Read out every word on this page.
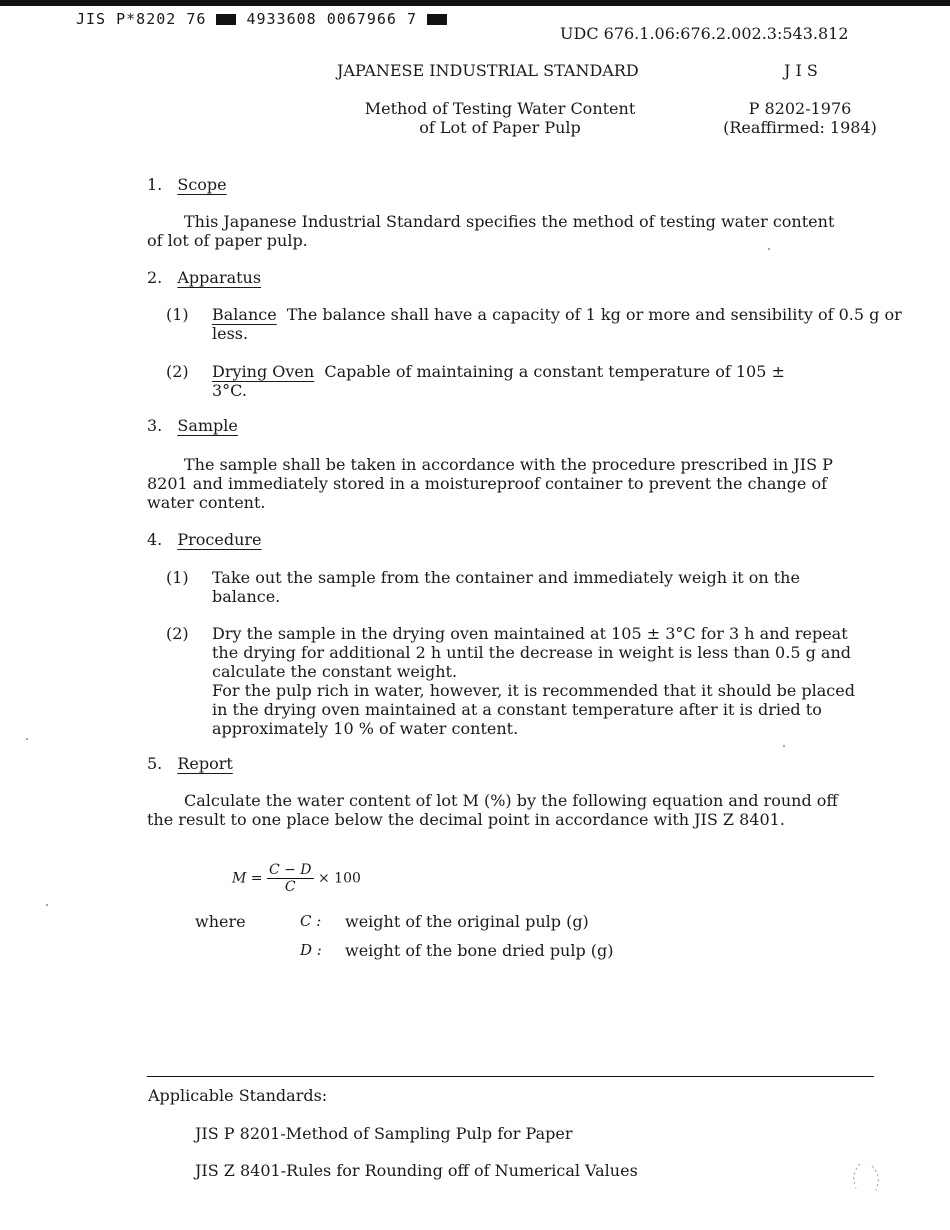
JIS P*8202 76	4933608 0067966 7
UDC 676.1.06:676.2.002.3:543.812
JAPANESE INDUSTRIAL STANDARD	J I S
Method of Testing Water Content
of Lot of Paper Pulp
P 8202-1976
(Reaffirmed: 1984)
1. Scope
This Japanese Industrial Standard specifies the method of testing water content of lot of paper pulp.
2. Apparatus
(1) Balance The balance shall have a capacity of 1 kg or more and sensibility of 0.5 g or less.
(2) Drying Oven Capable of maintaining a constant temperature of 105 ± 3°C.
3. Sample
The sample shall be taken in accordance with the procedure prescribed in JIS P 8201 and immediately stored in a moistureproof container to prevent the change of water content.
4. Procedure
(1) Take out the sample from the container and immediately weigh it on the balance.
(2) Dry the sample in the drying oven maintained at 105 ± 3°C for 3 h and repeat the drying for additional 2 h until the decrease in weight is less than 0.5 g and calculate the constant weight.
For the pulp rich in water, however, it is recommended that it should be placed in the drying oven maintained at a constant temperature after it is dried to approximately 10 % of water content.
5. Report
Calculate the water content of lot M (%) by the following equation and round off the result to one place below the decimal point in accordance with JIS Z 8401.
$M = \frac{C - D}{C} \times 100$
where	C : weight of the original pulp (g)
D : weight of the bone dried pulp (g)
Applicable Standards:
JIS P 8201-Method of Sampling Pulp for Paper
JIS Z 8401-Rules for Rounding off of Numerical Values
